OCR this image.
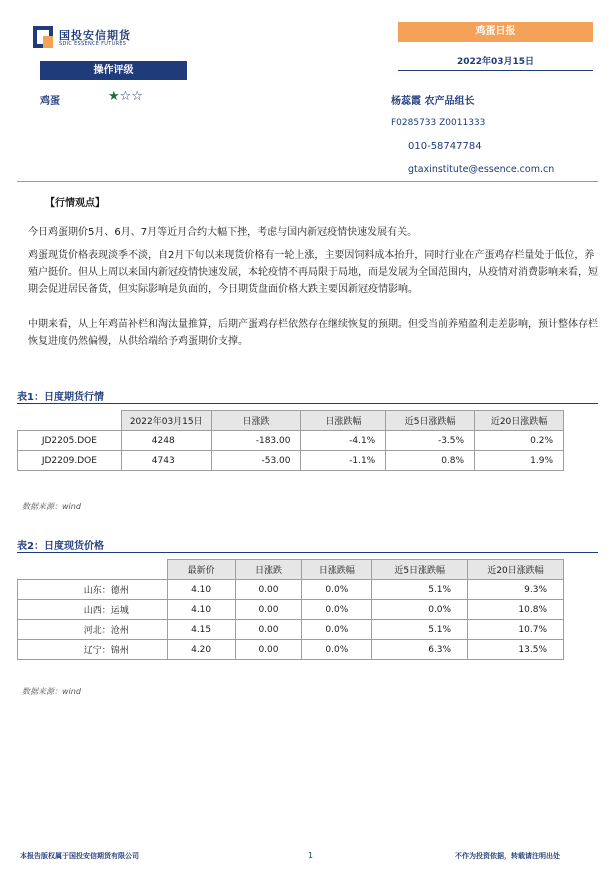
国投安信期货
SDIC ESSENCE FUTURES
鸡蛋日报
2022年03月15日
操作评级
鸡蛋	★☆☆	杨蕊霞 农产品组长
F0285733 Z0011333
010-58747784
gtaxinstitute@essence.com.cn
【行情观点】

今日鸡蛋期价5月、6月、7月等近月合约大幅下挫，考虑与国内新冠疫情快速发展有关。

鸡蛋现货价格表现淡季不淡，自2月下旬以来现货价格有一轮上涨，主要因饲料成本抬升，同时行业在产蛋鸡存栏量处于低位，养殖户挺价。但从上周以来国内新冠疫情快速发展，本轮疫情不再局限于局地，而是发展为全国范围内，从疫情对消费影响来看，短期会促进居民备货，但实际影响是负面的，今日期货盘面价格大跌主要因新冠疫情影响。

中期来看，从上年鸡苗补栏和淘汰量推算，后期产蛋鸡存栏依然存在继续恢复的预期。但受当前养殖盈利走差影响，预计整体存栏恢复进度仍然偏慢，从供给端给予鸡蛋期价支撑。

表1：日度期货行情
	2022年03月15日	日涨跌	日涨跌幅	近5日涨跌幅	近20日涨跌幅
JD2205.DOE	4248	-183.00	-4.1%	-3.5%	0.2%
JD2209.DOE	4743	-53.00	-1.1%	0.8%	1.9%
数据来源：wind
表2：日度现货价格
	最新价	日涨跌	日涨跌幅	近5日涨跌幅	近20日涨跌幅
山东：德州	4.10	0.00	0.0%	5.1%	9.3%
山西：运城	4.10	0.00	0.0%	0.0%	10.8%
河北：沧州	4.15	0.00	0.0%	5.1%	10.7%
辽宁：锦州	4.20	0.00	0.0%	6.3%	13.5%
数据来源：wind
本报告版权属于国投安信期货有限公司	1	不作为投资依据，转载请注明出处
